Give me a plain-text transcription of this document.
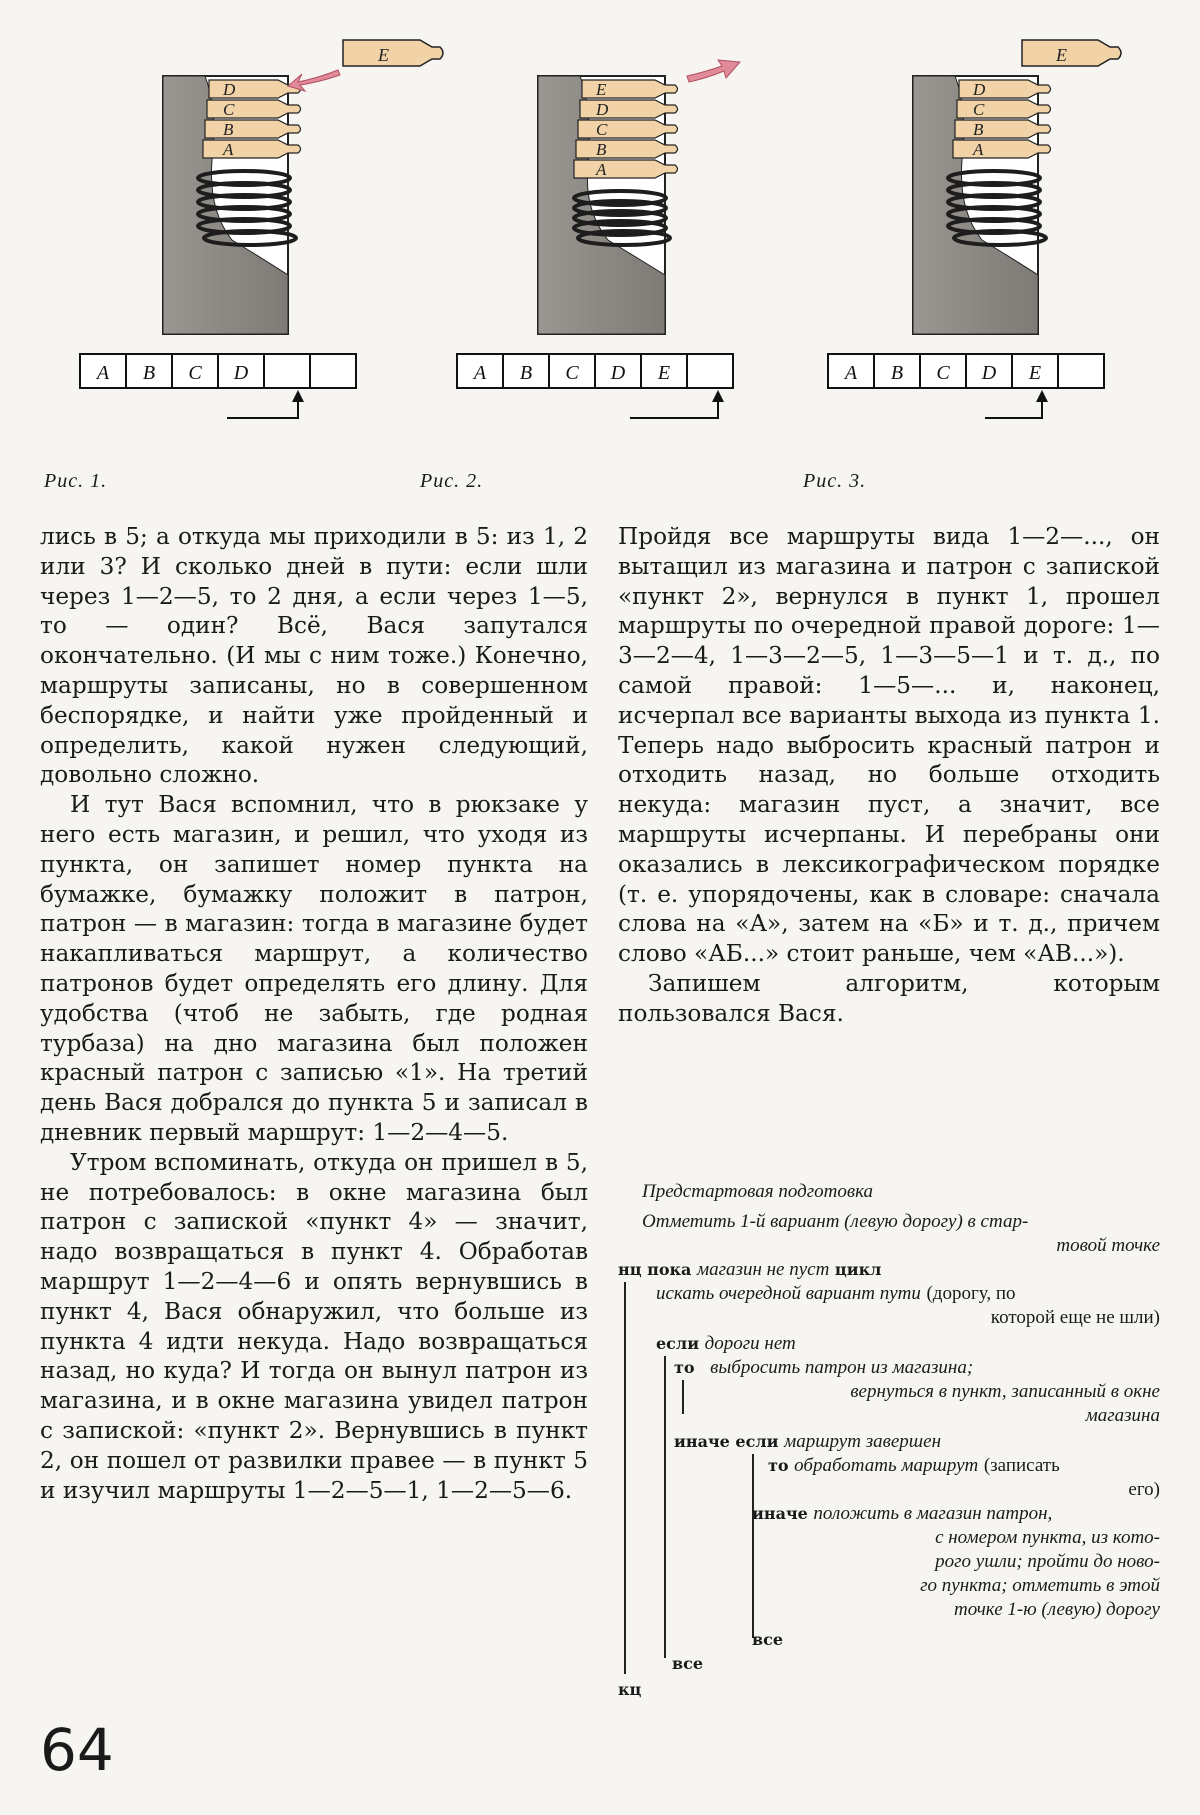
D
C
B
A
E
A B C D
E
D
C
B
A
A B C D E
D
C
B
A
E
A B C D E
Рис. 1.	Рис. 2.	Рис. 3.

лись в 5; а откуда мы приходили в 5: из 1, 2 или 3? И сколько дней в пути: если шли через 1—2—5, то 2 дня, а если через 1—5, то — один? Всё, Вася запутался окончательно. (И мы с ним тоже.) Конечно, маршруты записаны, но в совершенном беспорядке, и найти уже пройденный и определить, какой нужен следующий, довольно сложно.

И тут Вася вспомнил, что в рюкзаке у него есть магазин, и решил, что уходя из пункта, он запишет номер пункта на бумажке, бумажку положит в патрон, патрон — в магазин: тогда в магазине будет накапливаться маршрут, а количество патронов будет определять его длину. Для удобства (чтоб не забыть, где родная турбаза) на дно магазина был положен красный патрон с записью «1». На третий день Вася добрался до пункта 5 и записал в дневник первый маршрут: 1—2—4—5.

Утром вспоминать, откуда он пришел в 5, не потребовалось: в окне магазина был патрон с запиской «пункт 4» — значит, надо возвращаться в пункт 4. Обработав маршрут 1—2—4—6 и опять вернувшись в пункт 4, Вася обнаружил, что больше из пункта 4 идти некуда. Надо возвращаться назад, но куда? И тогда он вынул патрон из магазина, и в окне магазина увидел патрон с запиской: «пункт 2». Вернувшись в пункт 2, он пошел от развилки правее — в пункт 5 и изучил маршруты 1—2—5—1, 1—2—5—6.

Пройдя все маршруты вида 1—2—..., он вытащил из магазина и патрон с запиской «пункт 2», вернулся в пункт 1, прошел маршруты по очередной правой дороге: 1—3—2—4, 1—3—2—5, 1—3—5—1 и т. д., по самой правой: 1—5—... и, наконец, исчерпал все варианты выхода из пункта 1. Теперь надо выбросить красный патрон и отходить назад, но больше отходить некуда: магазин пуст, а значит, все маршруты исчерпаны. И перебраны они оказались в лексикографическом порядке (т. е. упорядочены, как в словаре: сначала слова на «А», затем на «Б» и т. д., причем слово «АБ...» стоит раньше, чем «АВ...»).

Запишем алгоритм, которым пользовался Вася.

Предстартовая подготовка
Отметить 1-й вариант (левую дорогу) в стар-
товой точке
нц пока магазин не пуст цикл
искать очередной вариант пути (дорогу, по
которой еще не шли)
если дороги нет
то выбросить патрон из магазина;
вернуться в пункт, записанный в окне
магазина
иначе если маршрут завершен
то обработать маршрут (записать
его)
иначе положить в магазин патрон,
с номером пункта, из кото-
рого ушли; пройти до ново-
го пункта; отметить в этой
точке 1-ю (левую) дорогу
все
все
кц
64
